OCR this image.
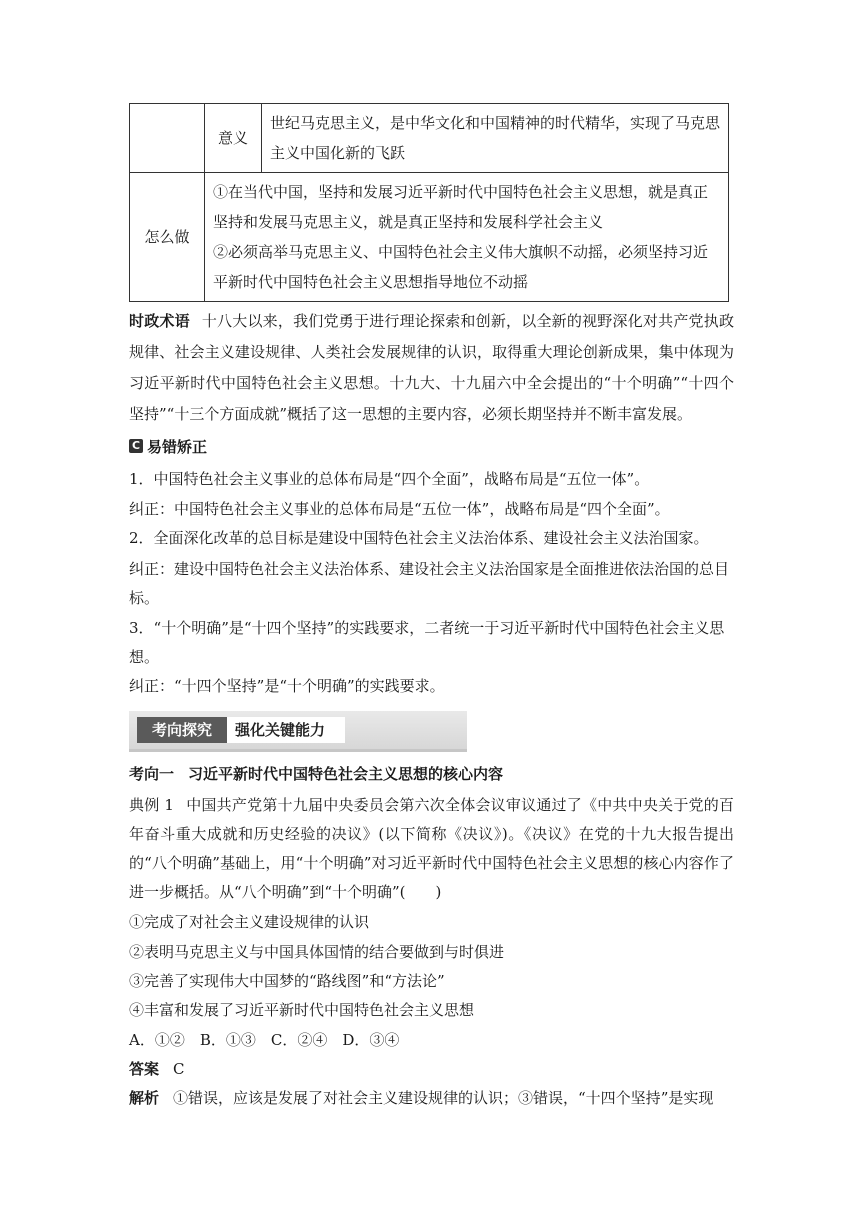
	意义	世纪马克思主义，是中华文化和中国精神的时代精华，实现了马克思主义中国化新的飞跃
怎么做	①在当代中国，坚持和发展习近平新时代中国特色社会主义思想，就是真正坚持和发展马克思主义，就是真正坚持和发展科学社会主义
②必须高举马克思主义、中国特色社会主义伟大旗帜不动摇，必须坚持习近平新时代中国特色社会主义思想指导地位不动摇	
时政术语 十八大以来，我们党勇于进行理论探索和创新，以全新的视野深化对共产党执政规律、社会主义建设规律、人类社会发展规律的认识，取得重大理论创新成果，集中体现为习近平新时代中国特色社会主义思想。十九大、十九届六中全会提出的“十个明确”“十四个坚持”“十三个方面成就”概括了这一思想的主要内容，必须长期坚持并不断丰富发展。
C 易错矫正
1．中国特色社会主义事业的总体布局是“四个全面”，战略布局是“五位一体”。
纠正：中国特色社会主义事业的总体布局是“五位一体”，战略布局是“四个全面”。
2．全面深化改革的总目标是建设中国特色社会主义法治体系、建设社会主义法治国家。
纠正：建设中国特色社会主义法治体系、建设社会主义法治国家是全面推进依法治国的总目标。
3．“十个明确”是“十四个坚持”的实践要求，二者统一于习近平新时代中国特色社会主义思想。
纠正：“十四个坚持”是“十个明确”的实践要求。
考向探究	强化关键能力
考向一 习近平新时代中国特色社会主义思想的核心内容
典例 1 中国共产党第十九届中央委员会第六次全体会议审议通过了《中共中央关于党的百年奋斗重大成就和历史经验的决议》(以下简称《决议》)。《决议》在党的十九大报告提出的“八个明确”基础上，用“十个明确”对习近平新时代中国特色社会主义思想的核心内容作了进一步概括。从“八个明确”到“十个明确”(　　)
①完成了对社会主义建设规律的认识
②表明马克思主义与中国具体国情的结合要做到与时俱进
③完善了实现伟大中国梦的“路线图”和“方法论”
④丰富和发展了习近平新时代中国特色社会主义思想
A．①②　B．①③　C．②④　D．③④
答案 C
解析 ①错误，应该是发展了对社会主义建设规律的认识；③错误，“十四个坚持”是实现
